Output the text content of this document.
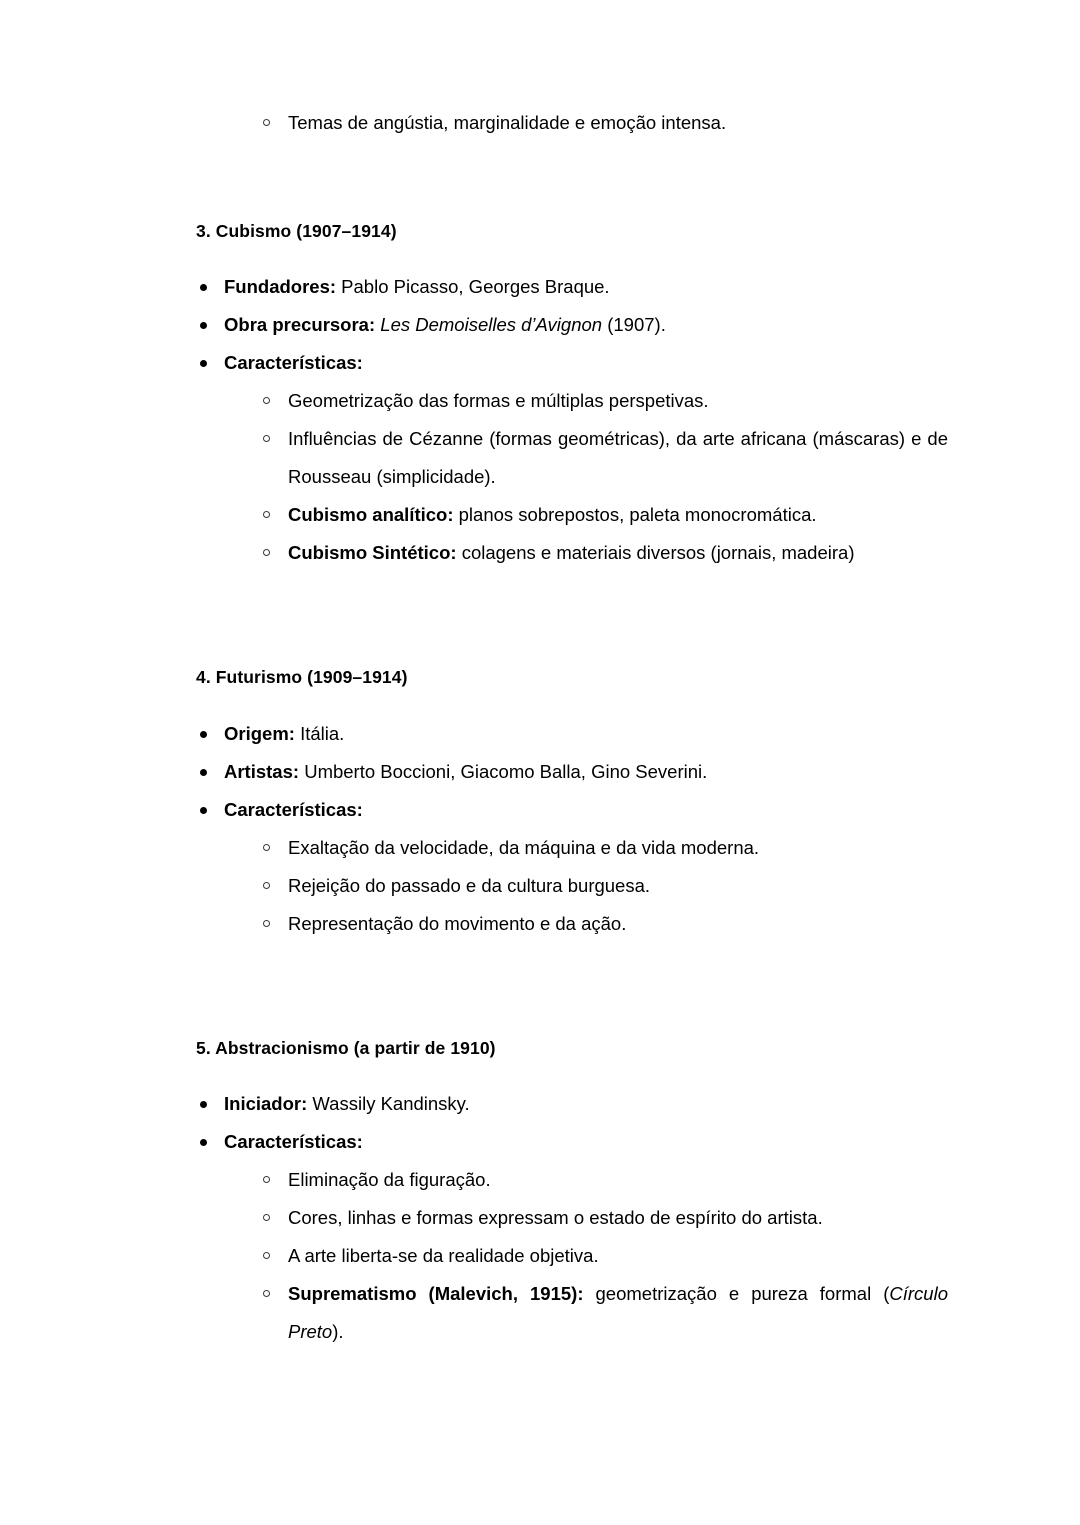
Temas de angústia, marginalidade e emoção intensa.
3. Cubismo (1907–1914)
Fundadores: Pablo Picasso, Georges Braque.
Obra precursora: Les Demoiselles d’Avignon (1907).
Características:
Geometrização das formas e múltiplas perspetivas.
Influências de Cézanne (formas geométricas), da arte africana (máscaras) e de Rousseau (simplicidade).
Cubismo analítico: planos sobrepostos, paleta monocromática.
Cubismo Sintético: colagens e materiais diversos (jornais, madeira)
4. Futurismo (1909–1914)
Origem: Itália.
Artistas: Umberto Boccioni, Giacomo Balla, Gino Severini.
Características:
Exaltação da velocidade, da máquina e da vida moderna.
Rejeição do passado e da cultura burguesa.
Representação do movimento e da ação.
5. Abstracionismo (a partir de 1910)
Iniciador: Wassily Kandinsky.
Características:
Eliminação da figuração.
Cores, linhas e formas expressam o estado de espírito do artista.
A arte liberta-se da realidade objetiva.
Suprematismo (Malevich, 1915): geometrização e pureza formal (Círculo Preto).
